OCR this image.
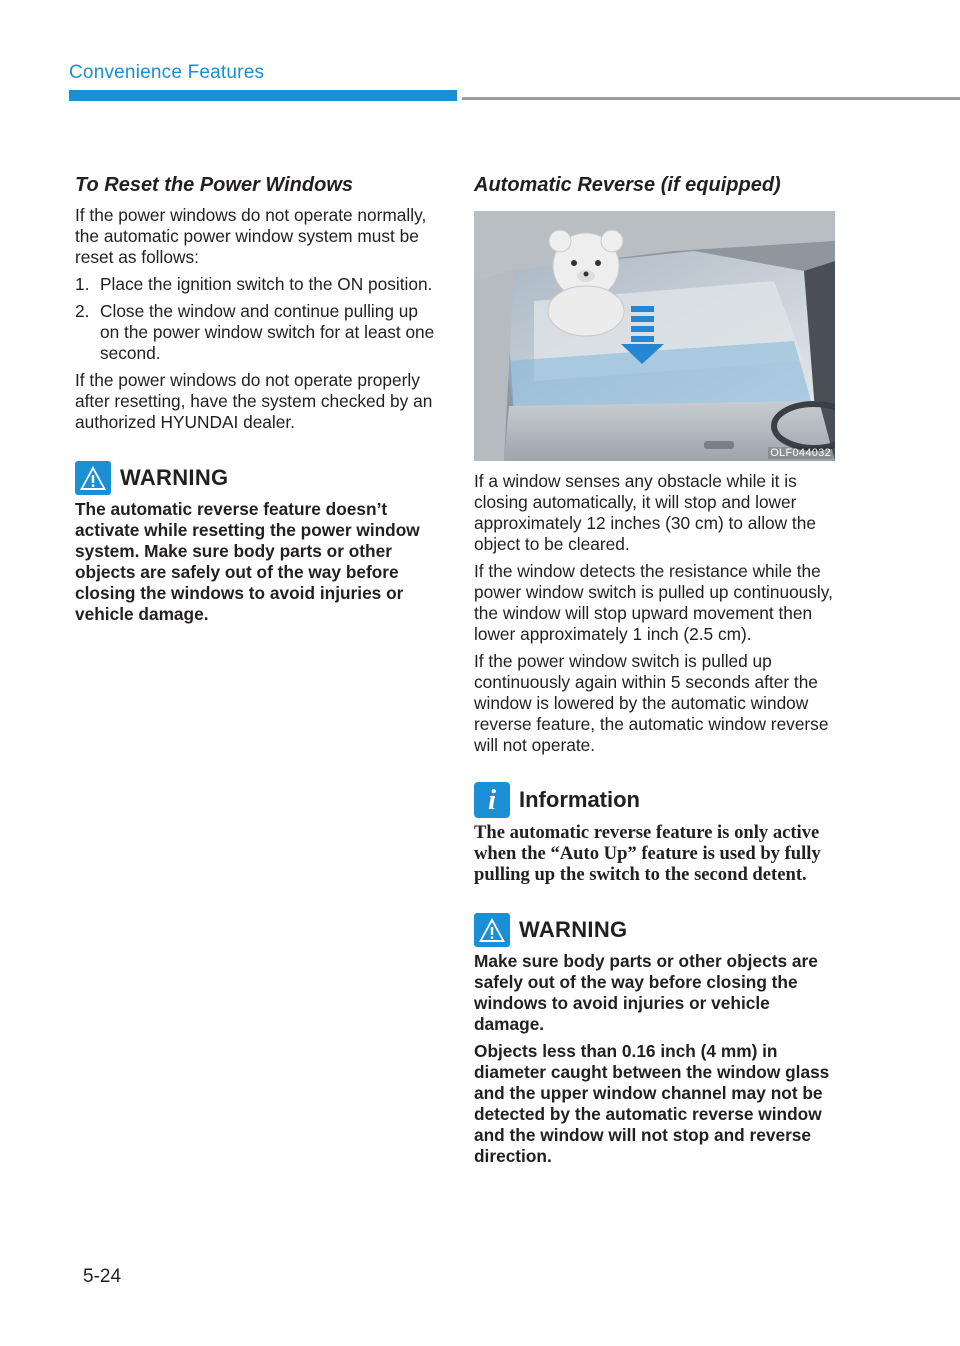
Convenience Features
To Reset the Power Windows

If the power windows do not operate normally, the automatic power window system must be reset as follows:

1. Place the ignition switch to the ON position.
2. Close the window and continue pulling up on the power window switch for at least one second.

If the power windows do not operate properly after resetting, have the system checked by an authorized HYUNDAI dealer.

WARNING

The automatic reverse feature doesn’t activate while resetting the power window system. Make sure body parts or other objects are safely out of the way before closing the windows to avoid injuries or vehicle damage.

Automatic Reverse (if equipped)
OLF044032

If a window senses any obstacle while it is closing automatically, it will stop and lower approximately 12 inches (30 cm) to allow the object to be cleared.

If the window detects the resistance while the power window switch is pulled up continuously, the window will stop upward movement then lower approximately 1 inch (2.5 cm).

If the power window switch is pulled up continuously again within 5 seconds after the window is lowered by the automatic window reverse feature, the automatic window reverse will not operate.

i	Information

The automatic reverse feature is only active when the “Auto Up” feature is used by fully pulling up the switch to the second detent.

WARNING

Make sure body parts or other objects are safely out of the way before closing the windows to avoid injuries or vehicle damage.

Objects less than 0.16 inch (4 mm) in diameter caught between the window glass and the upper window channel may not be detected by the automatic reverse window and the window will not stop and reverse direction.

5-24
